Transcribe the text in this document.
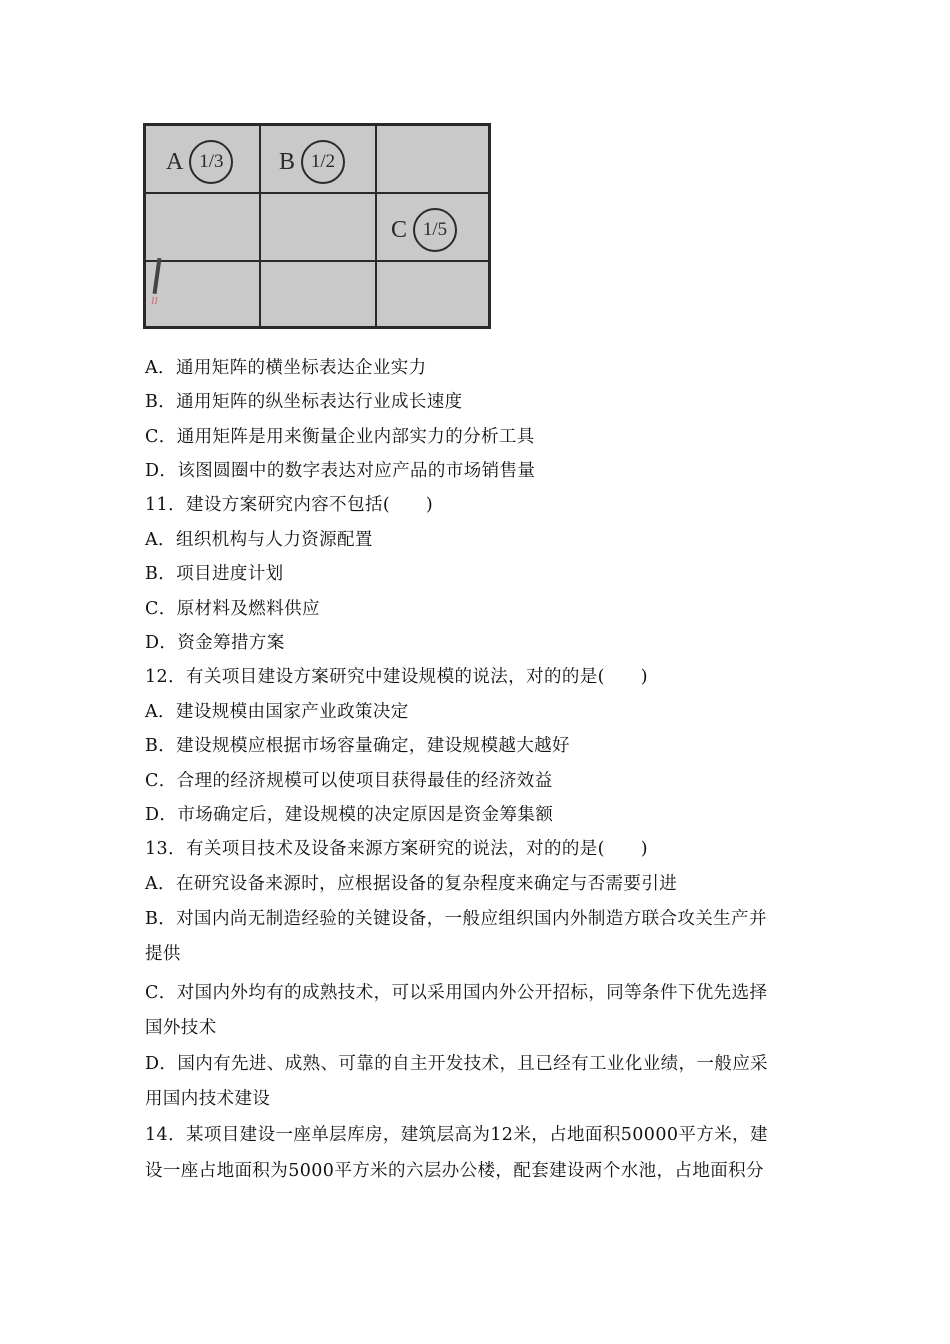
A 1/3	B 1/2
C 1/5
II
A．通用矩阵的横坐标表达企业实力
B．通用矩阵的纵坐标表达行业成长速度
C．通用矩阵是用来衡量企业内部实力的分析工具
D．该图圆圈中的数字表达对应产品的市场销售量
11．建设方案研究内容不包括(　　)
A．组织机构与人力资源配置
B．项目进度计划
C．原材料及燃料供应
D．资金筹措方案
12．有关项目建设方案研究中建设规模的说法，对的的是(　　)
A．建设规模由国家产业政策决定
B．建设规模应根据市场容量确定，建设规模越大越好
C．合理的经济规模可以使项目获得最佳的经济效益
D．市场确定后，建设规模的决定原因是资金筹集额
13．有关项目技术及设备来源方案研究的说法，对的的是(　　)
A．在研究设备来源时，应根据设备的复杂程度来确定与否需要引进
B．对国内尚无制造经验的关键设备，一般应组织国内外制造方联合攻关生产并
提供
C．对国内外均有的成熟技术，可以采用国内外公开招标，同等条件下优先选择
国外技术
D．国内有先进、成熟、可靠的自主开发技术，且已经有工业化业绩，一般应采
用国内技术建设
14．某项目建设一座单层库房，建筑层高为12米，占地面积50000平方米，建
设一座占地面积为5000平方米的六层办公楼，配套建设两个水池，占地面积分
